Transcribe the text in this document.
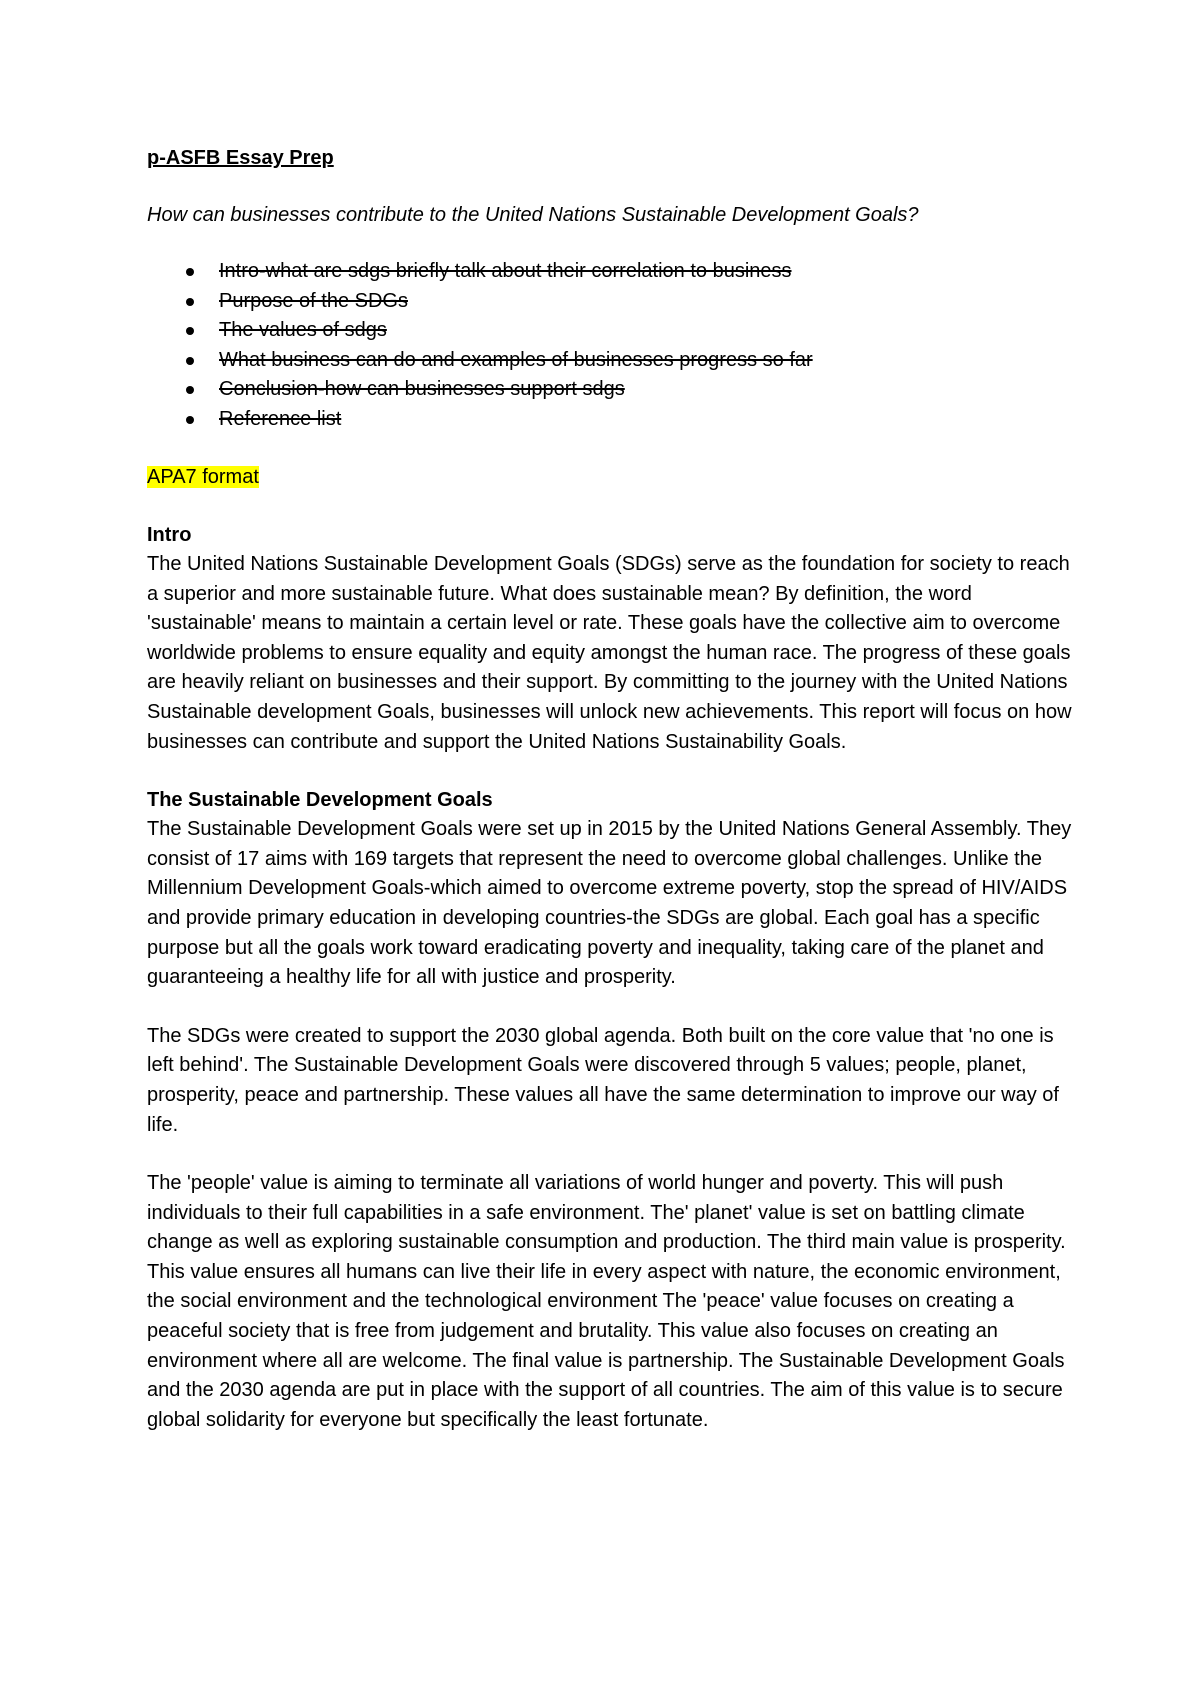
p-ASFB Essay Prep

How can businesses contribute to the United Nations Sustainable Development Goals?

Intro-what are sdgs briefly talk about their correlation to business
Purpose of the SDGs
The values of sdgs
What business can do and examples of businesses progress so far
Conclusion-how can businesses support sdgs
Reference list

APA7 format

Intro

The United Nations Sustainable Development Goals (SDGs) serve as the foundation for society to reach a superior and more sustainable future. What does sustainable mean? By definition, the word 'sustainable' means to maintain a certain level or rate. These goals have the collective aim to overcome worldwide problems to ensure equality and equity amongst the human race. The progress of these goals are heavily reliant on businesses and their support. By committing to the journey with the United Nations Sustainable development Goals, businesses will unlock new achievements. This report will focus on how businesses can contribute and support the United Nations Sustainability Goals.

The Sustainable Development Goals

The Sustainable Development Goals were set up in 2015 by the United Nations General Assembly. They consist of 17 aims with 169 targets that represent the need to overcome global challenges. Unlike the Millennium Development Goals-which aimed to overcome extreme poverty, stop the spread of HIV/AIDS and provide primary education in developing countries-the SDGs are global. Each goal has a specific purpose but all the goals work toward eradicating poverty and inequality, taking care of the planet and guaranteeing a healthy life for all with justice and prosperity.

The SDGs were created to support the 2030 global agenda. Both built on the core value that 'no one is left behind'. The Sustainable Development Goals were discovered through 5 values; people, planet, prosperity, peace and partnership. These values all have the same determination to improve our way of life.

The 'people' value is aiming to terminate all variations of world hunger and poverty. This will push individuals to their full capabilities in a safe environment. The' planet' value is set on battling climate change as well as exploring sustainable consumption and production. The third main value is prosperity. This value ensures all humans can live their life in every aspect with nature, the economic environment, the social environment and the technological environment The 'peace' value focuses on creating a peaceful society that is free from judgement and brutality. This value also focuses on creating an environment where all are welcome. The final value is partnership. The Sustainable Development Goals and the 2030 agenda are put in place with the support of all countries. The aim of this value is to secure global solidarity for everyone but specifically the least fortunate.
